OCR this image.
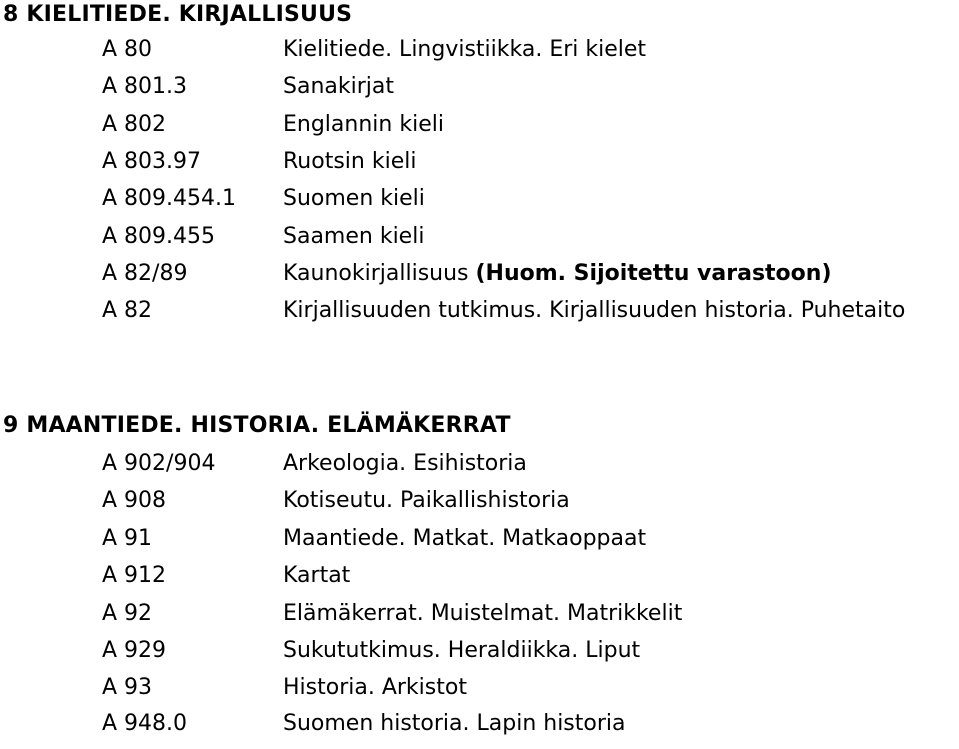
8 KIELITIEDE. KIRJALLISUUS
A 80	Kielitiede. Lingvistiikka. Eri kielet
A 801.3	Sanakirjat
A 802	Englannin kieli
A 803.97	Ruotsin kieli
A 809.454.1 Suomen kieli
A 809.455	Saamen kieli
A 82/89	Kaunokirjallisuus (Huom. Sijoitettu varastoon)
A 82	Kirjallisuuden tutkimus. Kirjallisuuden historia. Puhetaito
9 MAANTIEDE. HISTORIA. ELÄMÄKERRAT
A 902/904	Arkeologia. Esihistoria
A 908	Kotiseutu. Paikallishistoria
A 91	Maantiede. Matkat. Matkaoppaat
A 912	Kartat
A 92	Elämäkerrat. Muistelmat. Matrikkelit
A 929	Sukututkimus. Heraldiikka. Liput
A 93	Historia. Arkistot
A 948.0	Suomen historia. Lapin historia
